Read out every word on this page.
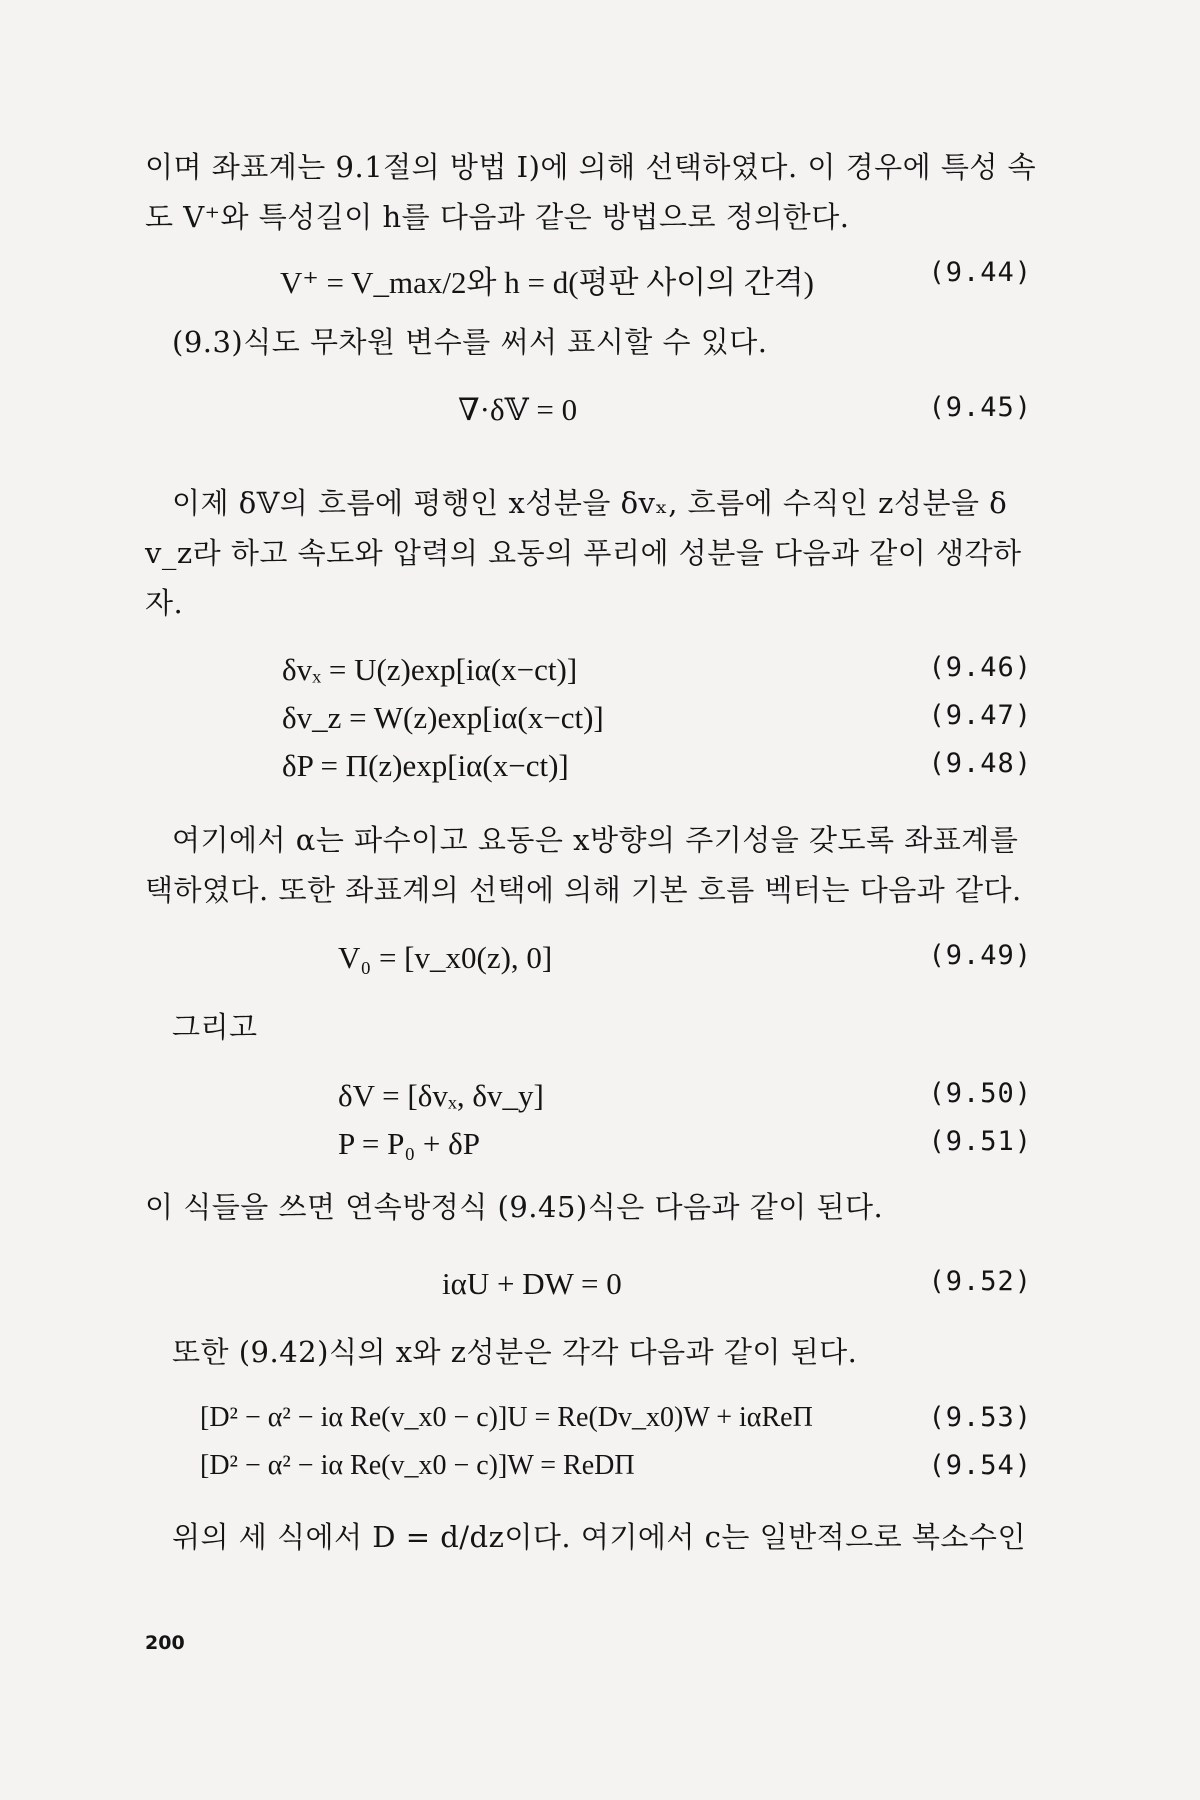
이며 좌표계는 9.1절의 방법 Ⅰ)에 의해 선택하였다. 이 경우에 특성 속도 V⁺와 특성길이 h를 다음과 같은 방법으로 정의한다.

V⁺ = V_max/2와 h = d(평판 사이의 간격)	(9.44)

(9.3)식도 무차원 변수를 써서 표시할 수 있다.

∇·δ𝕍 = 0	(9.45)

이제 δ𝕍의 흐름에 평행인 x성분을 δvₓ, 흐름에 수직인 z성분을 δ v_z라 하고 속도와 압력의 요동의 푸리에 성분을 다음과 같이 생각하자.

δvₓ = U(z)exp[iα(x−ct)]	(9.46)
δv_z = W(z)exp[iα(x−ct)]	(9.47)
δP = Π(z)exp[iα(x−ct)]	(9.48)

여기에서 α는 파수이고 요동은 x방향의 주기성을 갖도록 좌표계를 택하였다. 또한 좌표계의 선택에 의해 기본 흐름 벡터는 다음과 같다.

V₀ = [v_x0(z), 0]	(9.49)

그리고

δV = [δvₓ, δv_y]	(9.50)
P = P₀ + δP	(9.51)

이 식들을 쓰면 연속방정식 (9.45)식은 다음과 같이 된다.

iαU + DW = 0	(9.52)

또한 (9.42)식의 x와 z성분은 각각 다음과 같이 된다.

[D² − α² − iα Re(v_x0 − c)]U = Re(Dv_x0)W + iαReΠ	(9.53)
[D² − α² − iα Re(v_x0 − c)]W = ReDΠ	(9.54)

위의 세 식에서 D = d/dz이다. 여기에서 c는 일반적으로 복소수인

200
